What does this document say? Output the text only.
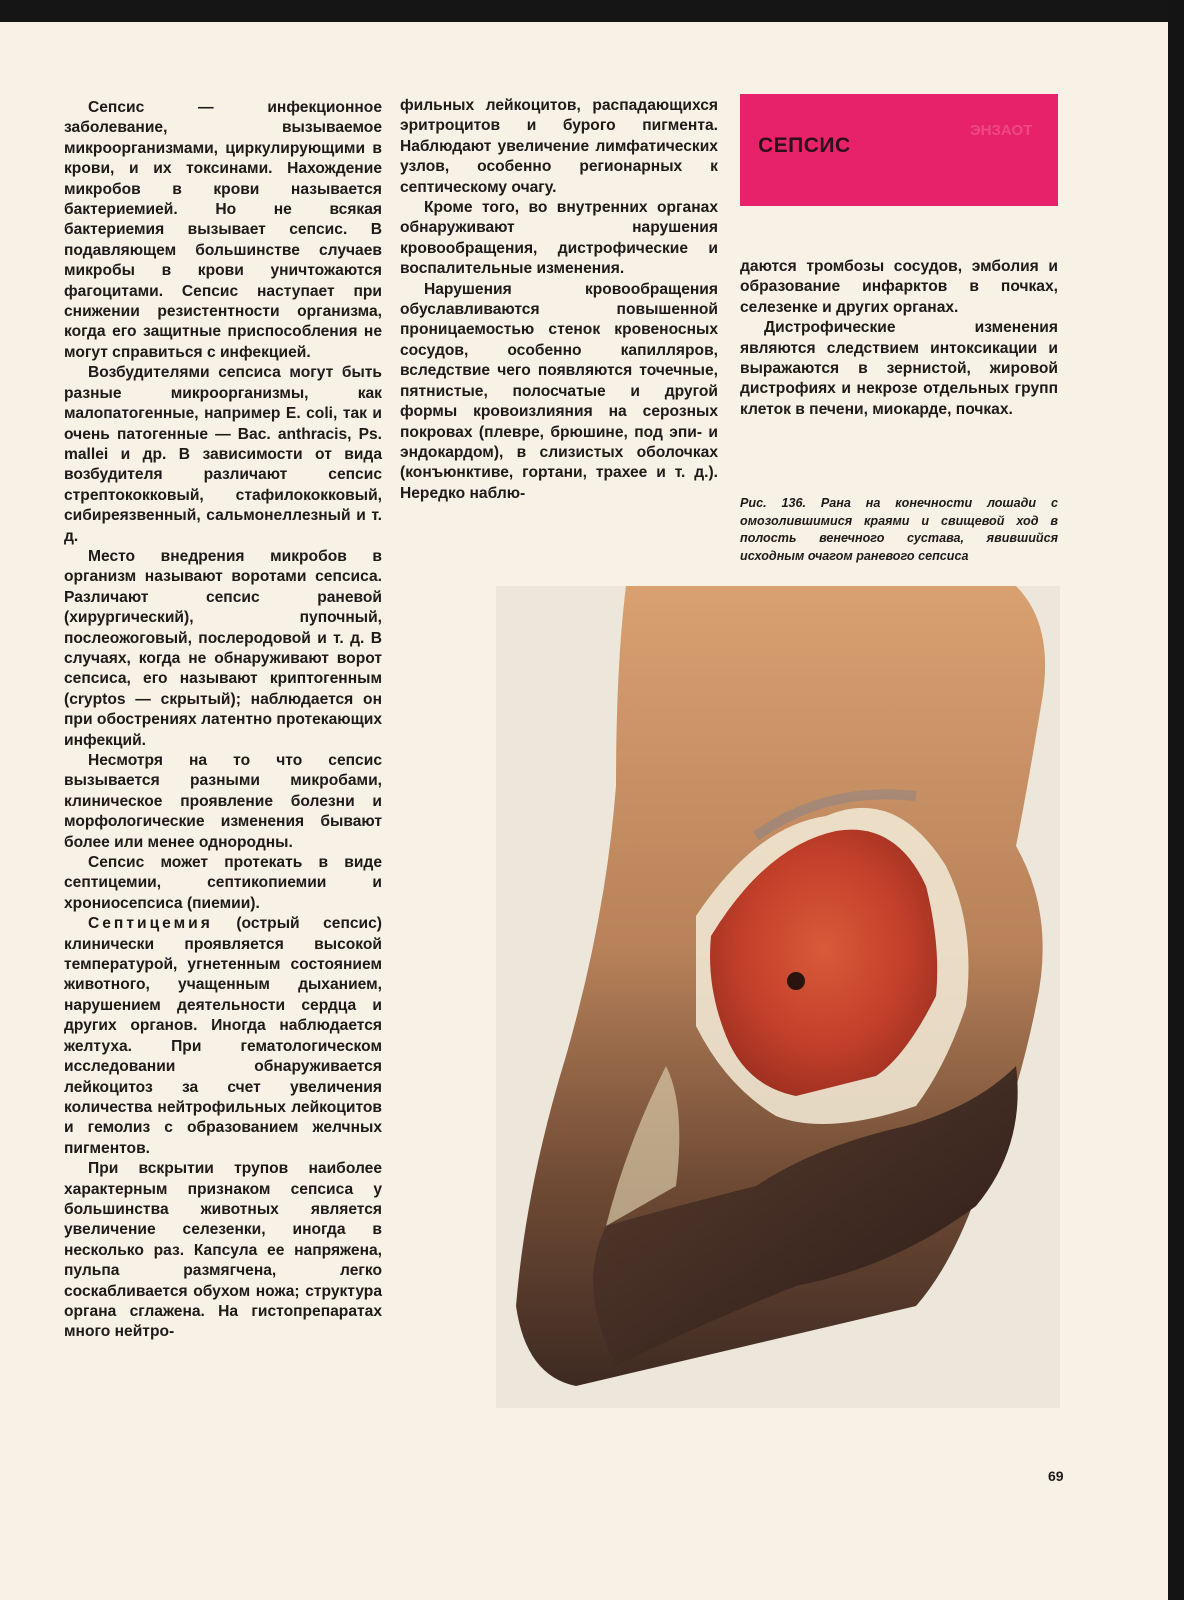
Сепсис — инфекционное заболевание, вызываемое микроорганизмами, циркулирующими в крови, и их токсинами. Нахождение микробов в крови называется бактериемией. Но не всякая бактериемия вызывает сепсис. В подавляющем большинстве случаев микробы в крови уничтожаются фагоцитами. Сепсис наступает при снижении резистентности организма, когда его защитные приспособления не могут справиться с инфекцией.

Возбудителями сепсиса могут быть разные микроорганизмы, как малопатогенные, например E. coli, так и очень патогенные — Bac. anthracis, Ps. mallei и др. В зависимости от вида возбудителя различают сепсис стрептококковый, стафилококковый, сибиреязвенный, сальмонеллезный и т. д.

Место внедрения микробов в организм называют воротами сепсиса. Различают сепсис раневой (хирургический), пупочный, послеожоговый, послеродовой и т. д. В случаях, когда не обнаруживают ворот сепсиса, его называют криптогенным (cryptos — скрытый); наблюдается он при обострениях латентно протекающих инфекций.

Несмотря на то что сепсис вызывается разными микробами, клиническое проявление болезни и морфологические изменения бывают более или менее однородны.

Сепсис может протекать в виде септицемии, септикопиемии и хрониосепсиса (пиемии).

Септицемия (острый сепсис) клинически проявляется высокой температурой, угнетенным состоянием животного, учащенным дыханием, нарушением деятельности сердца и других органов. Иногда наблюдается желтуха. При гематологическом исследовании обнаруживается лейкоцитоз за счет увеличения количества нейтрофильных лейкоцитов и гемолиз с образованием желчных пигментов.

При вскрытии трупов наиболее характерным признаком сепсиса у большинства животных является увеличение селезенки, иногда в несколько раз. Капсула ее напряжена, пульпа размягчена, легко соскабливается обухом ножа; структура органа сглажена. На гистопрепаратах много нейтро-

фильных лейкоцитов, распадающихся эритроцитов и бурого пигмента. Наблюдают увеличение лимфатических узлов, особенно регионарных к септическому очагу.

Кроме того, во внутренних органах обнаруживают нарушения кровообращения, дистрофические и воспалительные изменения.

Нарушения кровообращения обуславливаются повышенной проницаемостью стенок кровеносных сосудов, особенно капилляров, вследствие чего появляются точечные, пятнистые, полосчатые и другой формы кровоизлияния на серозных покровах (плевре, брюшине, под эпи- и эндокардом), в слизистых оболочках (конъюнктиве, гортани, трахее и т. д.). Нередко наблю-

СЕПСИС
ЭНЗАОТ

даются тромбозы сосудов, эмболия и образование инфарктов в почках, селезенке и других органах.

Дистрофические изменения являются следствием интоксикации и выражаются в зернистой, жировой дистрофиях и некрозе отдельных групп клеток в печени, миокарде, почках.

Рис. 136. Рана на конечности лошади с омозолившимися краями и свищевой ход в полость венечного сустава, явившийся исходным очагом раневого сепсиса

69
